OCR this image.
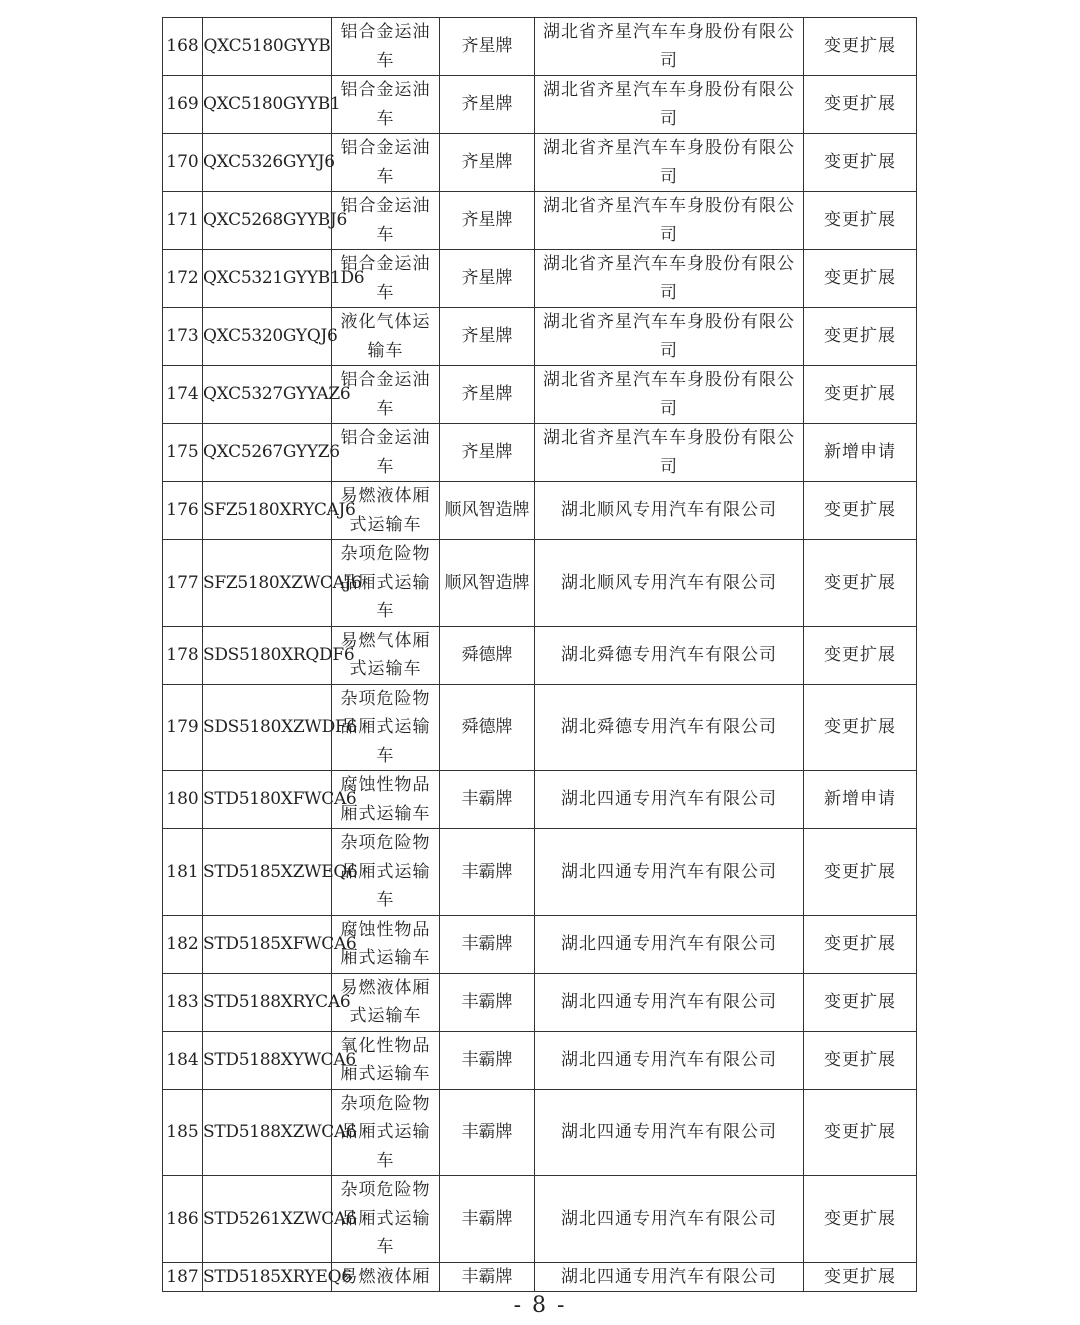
168	QXC5180GYYB	铝合金运油车	齐星牌	湖北省齐星汽车车身股份有限公司	变更扩展
169	QXC5180GYYB1	铝合金运油车	齐星牌	湖北省齐星汽车车身股份有限公司	变更扩展
170	QXC5326GYYJ6	铝合金运油车	齐星牌	湖北省齐星汽车车身股份有限公司	变更扩展
171	QXC5268GYYBJ6	铝合金运油车	齐星牌	湖北省齐星汽车车身股份有限公司	变更扩展
172	QXC5321GYYB1D6	铝合金运油车	齐星牌	湖北省齐星汽车车身股份有限公司	变更扩展
173	QXC5320GYQJ6	液化气体运输车	齐星牌	湖北省齐星汽车车身股份有限公司	变更扩展
174	QXC5327GYYAZ6	铝合金运油车	齐星牌	湖北省齐星汽车车身股份有限公司	变更扩展
175	QXC5267GYYZ6	铝合金运油车	齐星牌	湖北省齐星汽车车身股份有限公司	新增申请
176	SFZ5180XRYCAJ6	易燃液体厢式运输车	顺风智造牌	湖北顺风专用汽车有限公司	变更扩展
177	SFZ5180XZWCAJ6	杂项危险物品厢式运输车	顺风智造牌	湖北顺风专用汽车有限公司	变更扩展
178	SDS5180XRQDF6	易燃气体厢式运输车	舜德牌	湖北舜德专用汽车有限公司	变更扩展
179	SDS5180XZWDF6	杂项危险物品厢式运输车	舜德牌	湖北舜德专用汽车有限公司	变更扩展
180	STD5180XFWCA6	腐蚀性物品厢式运输车	丰霸牌	湖北四通专用汽车有限公司	新增申请
181	STD5185XZWEQ6	杂项危险物品厢式运输车	丰霸牌	湖北四通专用汽车有限公司	变更扩展
182	STD5185XFWCA6	腐蚀性物品厢式运输车	丰霸牌	湖北四通专用汽车有限公司	变更扩展
183	STD5188XRYCA6	易燃液体厢式运输车	丰霸牌	湖北四通专用汽车有限公司	变更扩展
184	STD5188XYWCA6	氧化性物品厢式运输车	丰霸牌	湖北四通专用汽车有限公司	变更扩展
185	STD5188XZWCA6	杂项危险物品厢式运输车	丰霸牌	湖北四通专用汽车有限公司	变更扩展
186	STD5261XZWCA6	杂项危险物品厢式运输车	丰霸牌	湖北四通专用汽车有限公司	变更扩展
187	STD5185XRYEQ6	易燃液体厢	丰霸牌	湖北四通专用汽车有限公司	变更扩展
- 8 -
